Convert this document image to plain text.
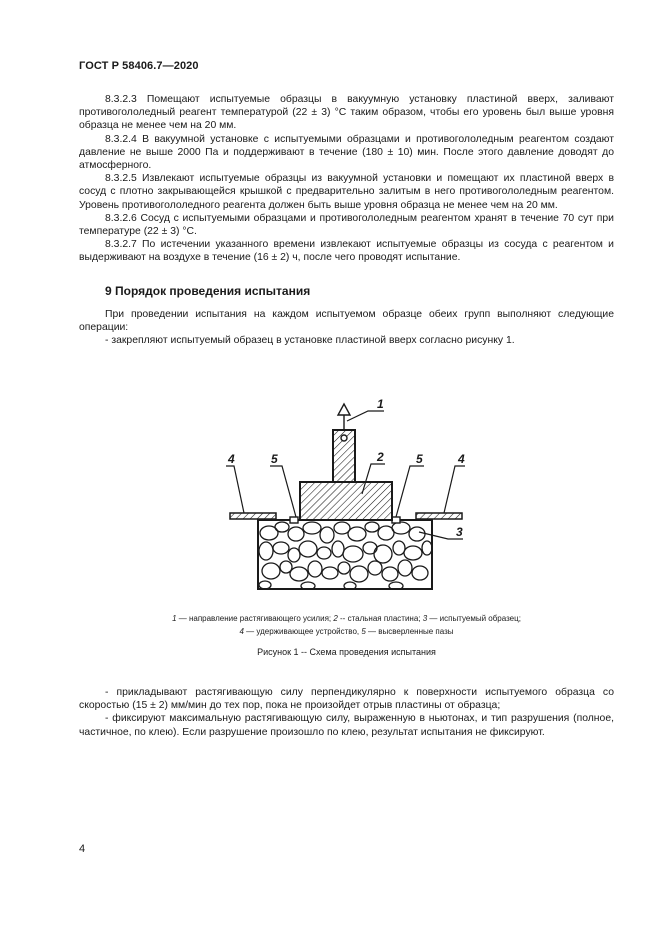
ГОСТ Р 58406.7—2020

8.3.2.3 Помещают испытуемые образцы в вакуумную установку пластиной вверх, заливают противогололедный реагент температурой (22 ± 3) °С таким образом, чтобы его уровень был выше уровня образца не менее чем на 20 мм.

8.3.2.4 В вакуумной установке с испытуемыми образцами и противогололедным реагентом создают давление не выше 2000 Па и поддерживают в течение (180 ± 10) мин. После этого давление доводят до атмосферного.

8.3.2.5 Извлекают испытуемые образцы из вакуумной установки и помещают их пластиной вверх в сосуд с плотно закрывающейся крышкой с предварительно залитым в него противогололедным реагентом. Уровень противогололедного реагента должен быть выше уровня образца не менее чем на 20 мм.

8.3.2.6 Сосуд с испытуемыми образцами и противогололедным реагентом хранят в течение 70 сут при температуре (22 ± 3) °С.

8.3.2.7 По истечении указанного времени извлекают испытуемые образцы из сосуда с реагентом и выдерживают на воздухе в течение (16 ± 2) ч, после чего проводят испытание.

9 Порядок проведения испытания

При проведении испытания на каждом испытуемом образце обеих групп выполняют следующие операции:

- закрепляют испытуемый образец в установке пластиной вверх согласно рисунку 1.

1
2
3
4	4
5	5
1 — направление растягивающего усилия; 2 -- стальная пластина; 3 — испытуемый образец;
4 — удерживающее устройство, 5 — высверленные пазы
Рисунок 1 -- Схема проведения испытания

- прикладывают растягивающую силу перпендикулярно к поверхности испытуемого образца со скоростью (15 ± 2) мм/мин до тех пор, пока не произойдет отрыв пластины от образца;

- фиксируют максимальную растягивающую силу, выраженную в ньютонах, и тип разрушения (полное, частичное, по клею). Если разрушение произошло по клею, результат испытания не фиксируют.

4
